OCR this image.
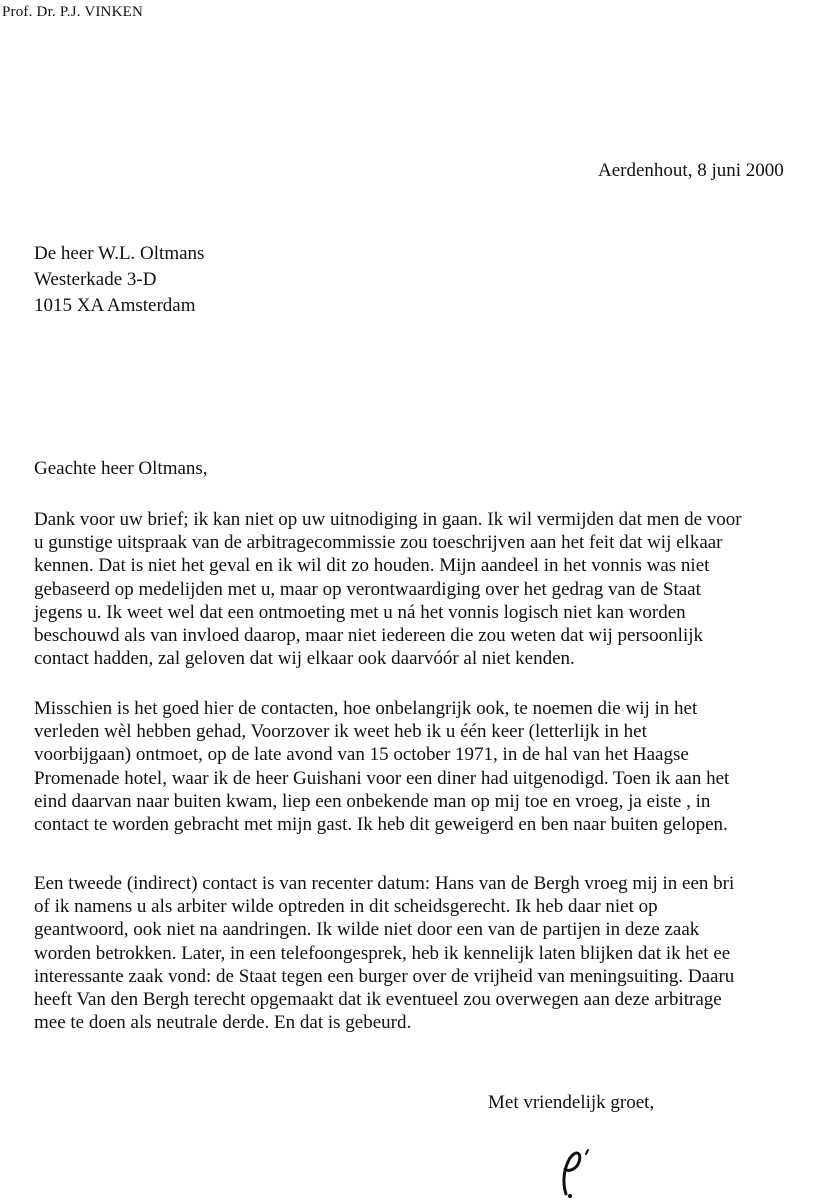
Prof. Dr. P.J. VINKEN
Aerdenhout, 8 juni 2000
De heer W.L. Oltmans
Westerkade 3-D
1015 XA Amsterdam
Geachte heer Oltmans,
Dank voor uw brief; ik kan niet op uw uitnodiging in gaan. Ik wil vermijden dat men de voor
u gunstige uitspraak van de arbitragecommissie zou toeschrijven aan het feit dat wij elkaar
kennen. Dat is niet het geval en ik wil dit zo houden. Mijn aandeel in het vonnis was niet
gebaseerd op medelijden met u, maar op verontwaardiging over het gedrag van de Staat
jegens u. Ik weet wel dat een ontmoeting met u ná het vonnis logisch niet kan worden
beschouwd als van invloed daarop, maar niet iedereen die zou weten dat wij persoonlijk
contact hadden, zal geloven dat wij elkaar ook daarvóór al niet kenden.
Misschien is het goed hier de contacten, hoe onbelangrijk ook, te noemen die wij in het
verleden wèl hebben gehad, Voorzover ik weet heb ik u één keer (letterlijk in het
voorbijgaan) ontmoet, op de late avond van 15 october 1971, in de hal van het Haagse
Promenade hotel, waar ik de heer Guishani voor een diner had uitgenodigd. Toen ik aan het
eind daarvan naar buiten kwam, liep een onbekende man op mij toe en vroeg, ja eiste , in
contact te worden gebracht met mijn gast. Ik heb dit geweigerd en ben naar buiten gelopen.
Een tweede (indirect) contact is van recenter datum: Hans van de Bergh vroeg mij in een bri
of ik namens u als arbiter wilde optreden in dit scheidsgerecht. Ik heb daar niet op
geantwoord, ook niet na aandringen. Ik wilde niet door een van de partijen in deze zaak
worden betrokken. Later, in een telefoongesprek, heb ik kennelijk laten blijken dat ik het ee
interessante zaak vond: de Staat tegen een burger over de vrijheid van meningsuiting. Daaru
heeft Van den Bergh terecht opgemaakt dat ik eventueel zou overwegen aan deze arbitrage
mee te doen als neutrale derde. En dat is gebeurd.
Met vriendelijk groet,
